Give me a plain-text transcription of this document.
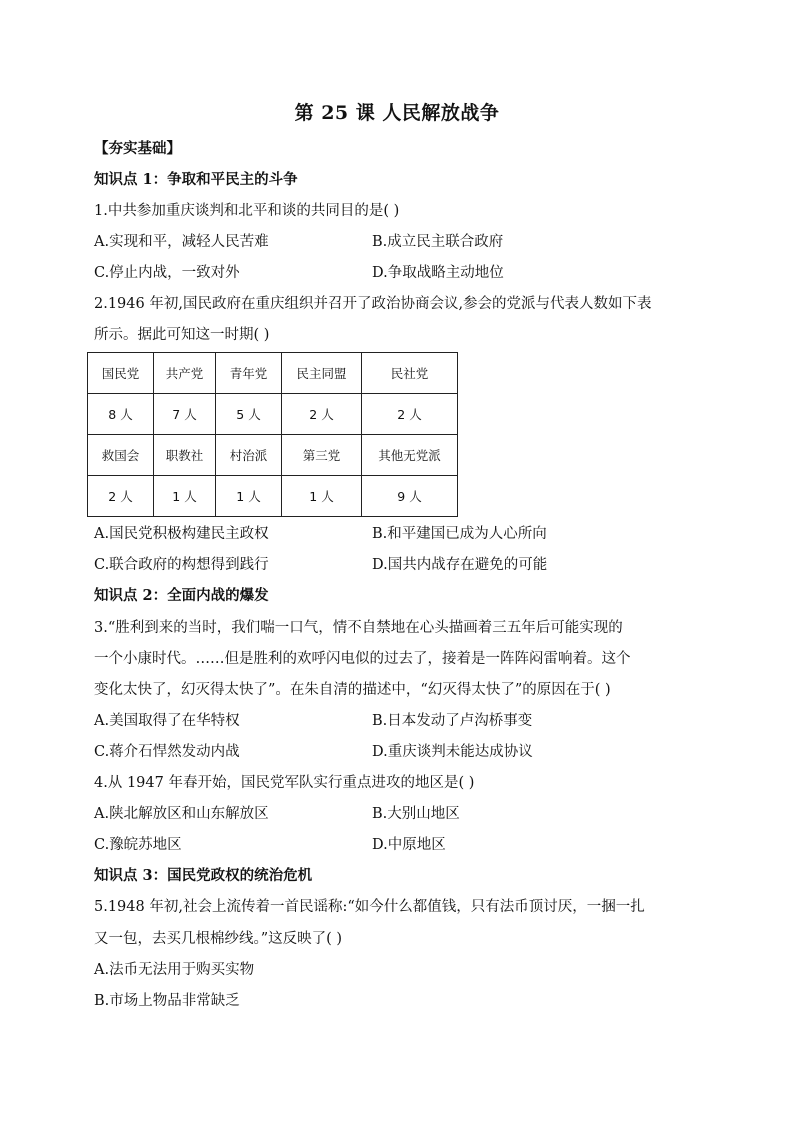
第 25 课 人民解放战争
【夯实基础】
知识点 1：争取和平民主的斗争
1.中共参加重庆谈判和北平和谈的共同目的是( )
A.实现和平，减轻人民苦难	B.成立民主联合政府
C.停止内战，一致对外	D.争取战略主动地位
2.1946 年初,国民政府在重庆组织并召开了政治协商会议,参会的党派与代表人数如下表
所示。据此可知这一时期( )
国民党	共产党	青年党	民主同盟	民社党
8 人	7 人	5 人	2 人	2 人
救国会	职教社	村治派	第三党	其他无党派
2 人	1 人	1 人	1 人	9 人
A.国民党积极构建民主政权	B.和平建国已成为人心所向
C.联合政府的构想得到践行	D.国共内战存在避免的可能
知识点 2：全面内战的爆发
3.“胜利到来的当时，我们喘一口气，情不自禁地在心头描画着三五年后可能实现的
一个小康时代。……但是胜利的欢呼闪电似的过去了，接着是一阵阵闷雷响着。这个
变化太快了，幻灭得太快了”。在朱自清的描述中，“幻灭得太快了”的原因在于( )
A.美国取得了在华特权	B.日本发动了卢沟桥事变
C.蒋介石悍然发动内战	D.重庆谈判未能达成协议
4.从 1947 年春开始，国民党军队实行重点进攻的地区是( )
A.陕北解放区和山东解放区	B.大别山地区
C.豫皖苏地区	D.中原地区
知识点 3：国民党政权的统治危机
5.1948 年初,社会上流传着一首民谣称:“如今什么都值钱，只有法币顶讨厌，一捆一扎
又一包，去买几根棉纱线。”这反映了( )
A.法币无法用于购买实物
B.市场上物品非常缺乏
